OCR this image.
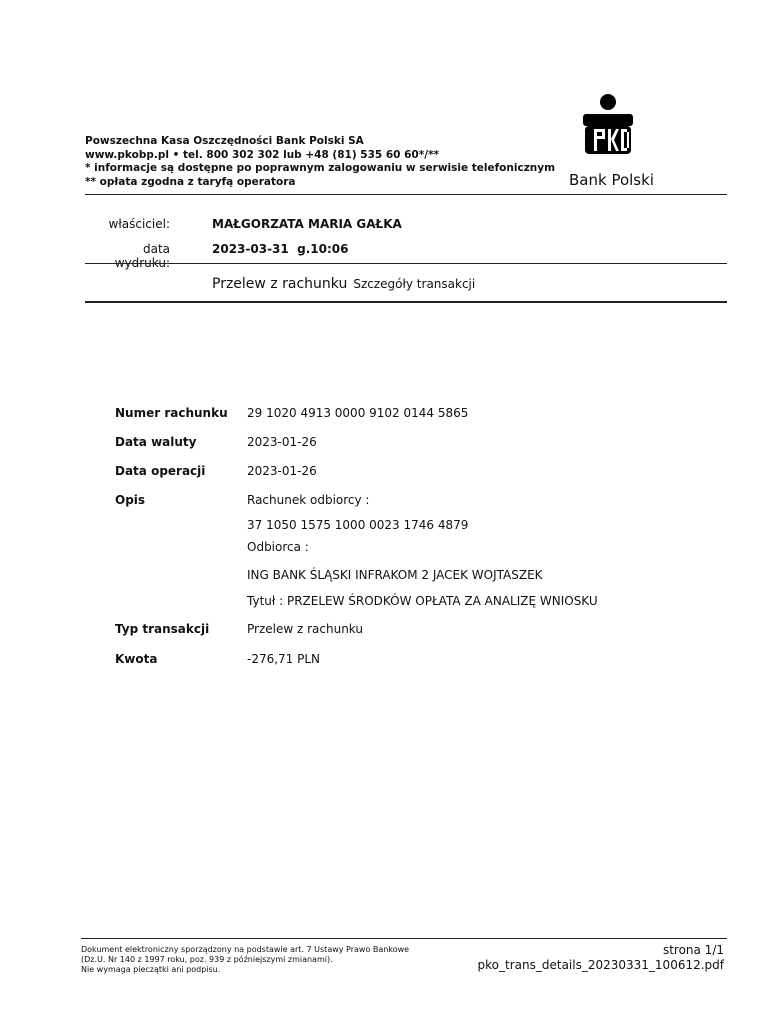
Powszechna Kasa Oszczędności Bank Polski SA
www.pkobp.pl • tel. 800 302 302 lub +48 (81) 535 60 60*/**
* informacje są dostępne po poprawnym zalogowaniu w serwisie telefonicznym
** opłata zgodna z taryfą operatora	Bank Polski
właściciel:	MAŁGORZATA MARIA GAŁKA
data wydruku:
2023-03-31  g.10:06
Przelew z rachunku Szczegóły transakcji
Numer rachunku 29 1020 4913 0000 9102 0144 5865
Data waluty	2023-01-26
Data operacji	2023-01-26
Opis	Rachunek odbiorcy :
37 1050 1575 1000 0023 1746 4879
Odbiorca :
ING BANK ŚLĄSKI INFRAKOM 2 JACEK WOJTASZEK
Tytuł : PRZELEW ŚRODKÓW OPŁATA ZA ANALIZĘ WNIOSKU
Typ transakcji	Przelew z rachunku
Kwota	-276,71 PLN
Dokument elektroniczny sporządzony na podstawie art. 7 Ustawy Prawo Bankowe
(Dz.U. Nr 140 z 1997 roku, poz. 939 z późniejszymi zmianami).
Nie wymaga pieczątki ani podpisu.
strona 1/1
pko_trans_details_20230331_100612.pdf
